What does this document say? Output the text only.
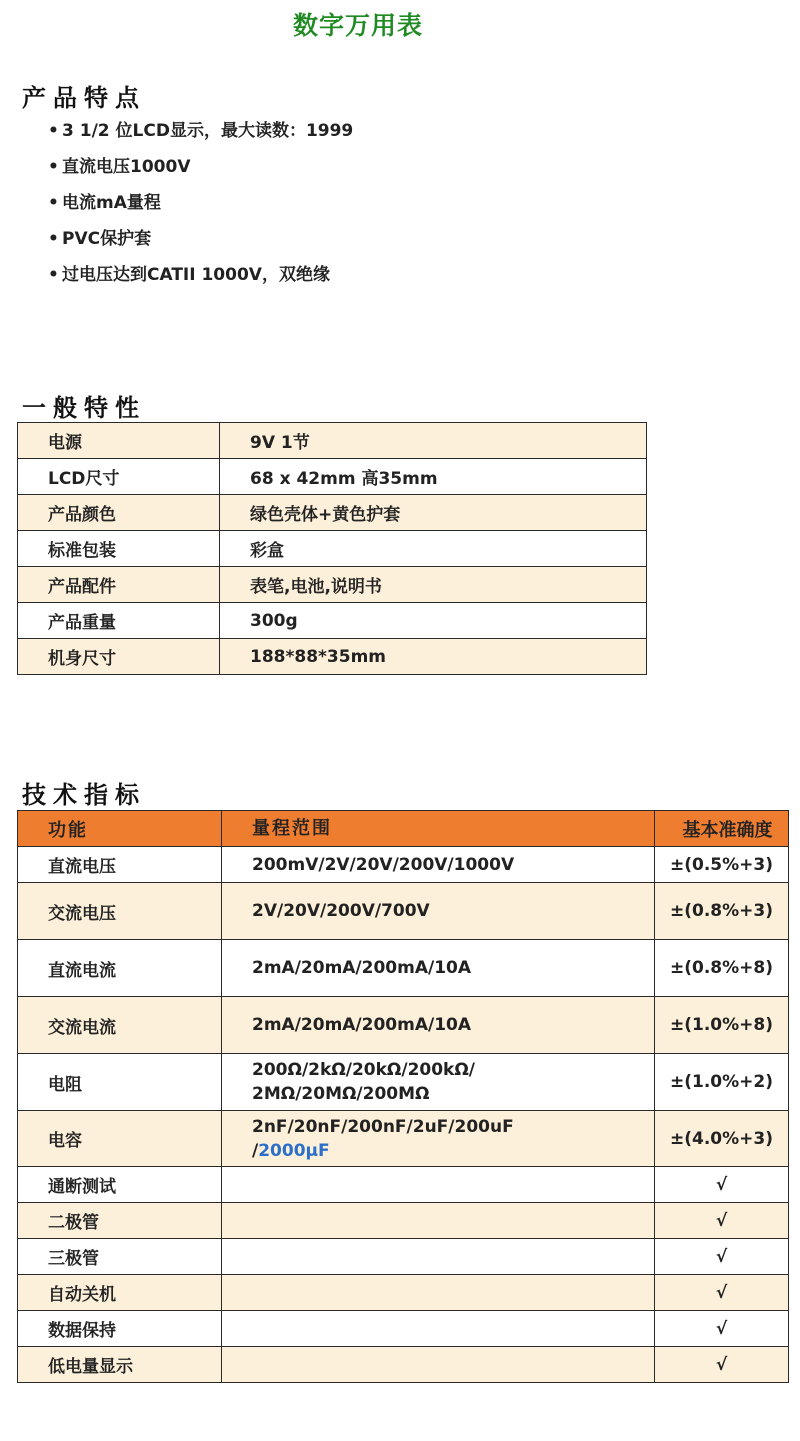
数字万用表
产品特点
• 3 1/2 位LCD显示，最大读数：1999
• 直流电压1000V
• 电流mA量程
• PVC保护套
• 过电压达到CATII 1000V，双绝缘
一般特性
电源	9V 1节
LCD尺寸	68 x 42mm 高35mm
产品颜色	绿色壳体+黄色护套
标准包装	彩盒
产品配件	表笔,电池,说明书
产品重量	300g
机身尺寸	188*88*35mm
技术指标
功能	量程范围	基本准确度
直流电压	200mV/2V/20V/200V/1000V	±(0.5%+3)
交流电压	2V/20V/200V/700V	±(0.8%+3)
直流电流	2mA/20mA/200mA/10A	±(0.8%+8)
交流电流	2mA/20mA/200mA/10A	±(1.0%+8)
电阻	200Ω/2kΩ/20kΩ/200kΩ/
2MΩ/20MΩ/200MΩ	±(1.0%+2)
电容	2nF/20nF/200nF/2uF/200uF
/2000μF	±(4.0%+3)
通断测试		√
二极管		√
三极管		√
自动关机		√
数据保持		√
低电量显示		√
